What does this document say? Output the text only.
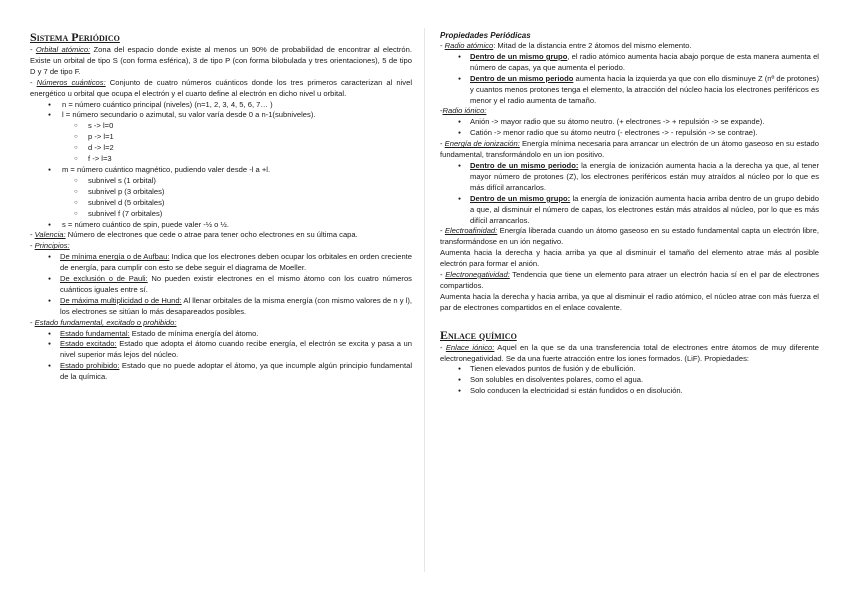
Sistema Periódico

- Orbital atómico: Zona del espacio donde existe al menos un 90% de probabilidad de encontrar al electrón. Existe un orbital de tipo S (con forma esférica), 3 de tipo P (con forma bilobulada y tres orientaciones), 5 de tipo D y 7 de tipo F.

- Números cuánticos: Conjunto de cuatro números cuánticos donde los tres primeros caracterizan al nivel energético u orbital que ocupa el electrón y el cuarto define al electrón en dicho nivel u orbital.

● n = número cuántico principal (niveles) (n=1, 2, 3, 4, 5, 6, 7… )
● l = número secundario o azimutal, su valor varía desde 0 a n-1(subniveles).
○ s -> l=0
○ p -> l=1
○ d -> l=2
○ f -> l=3
● m = número cuántico magnético, pudiendo valer desde -l a +l.
○ subnivel s (1 orbital)
○ subnivel p (3 orbitales)
○ subnivel d (5 orbitales)
○ subnivel f (7 orbitales)
● s = número cuántico de spin, puede valer -½ o ½.

- Valencia: Número de electrones que cede o atrae para tener ocho electrones en su última capa.

- Principios:

● De mínima energía o de Aufbau: Indica que los electrones deben ocupar los orbitales en orden creciente de energía, para cumplir con esto se debe seguir el diagrama de Moeller.
● De exclusión o de Pauli: No pueden existir electrones en el mismo átomo con los cuatro números cuánticos iguales entre sí.
● De máxima multiplicidad o de Hund: Al llenar orbitales de la misma energía (con mismo valores de n y l), los electrones se sitúan lo más desapareados posibles.

- Estado fundamental, excitado o prohibido:

● Estado fundamental: Estado de mínima energía del átomo.
● Estado excitado: Estado que adopta el átomo cuando recibe energía, el electrón se excita y pasa a un nivel superior más lejos del núcleo.
● Estado prohibido: Estado que no puede adoptar el átomo, ya que incumple algún principio fundamental de la química.
Propiedades Periódicas

- Radio atómico: Mitad de la distancia entre 2 átomos del mismo elemento.

● Dentro de un mismo grupo, el radio atómico aumenta hacia abajo porque de esta manera aumenta el número de capas, ya que aumenta el periodo.
● Dentro de un mismo periodo aumenta hacia la izquierda ya que con ello disminuye Z (nº de protones) y cuantos menos protones tenga el elemento, la atracción del núcleo hacia los electrones periféricos es menor y el radio aumenta de tamaño.

-Radio iónico:

● Anión -> mayor radio que su átomo neutro. (+ electrones -> + repulsión -> se expande).
● Catión -> menor radio que su átomo neutro (- electrones -> - repulsión -> se contrae).

- Energía de ionización: Energía mínima necesaria para arrancar un electrón de un átomo gaseoso en su estado fundamental, transformándolo en un ion positivo.

● Dentro de un mismo periodo: la energía de ionización aumenta hacia a la derecha ya que, al tener mayor número de protones (Z), los electrones periféricos están muy atraídos al núcleo por lo que es más difícil arrancarlos.
● Dentro de un mismo grupo: la energía de ionización aumenta hacia arriba dentro de un grupo debido a que, al disminuir el número de capas, los electrones están más atraídos al núcleo, por lo que es más difícil arrancarlos.

- Electroafinidad: Energía liberada cuando un átomo gaseoso en su estado fundamental capta un electrón libre, transformándose en un ión negativo.

Aumenta hacia la derecha y hacia arriba ya que al disminuir el tamaño del elemento atrae más al posible electrón para formar el anión.

- Electronegatividad: Tendencia que tiene un elemento para atraer un electrón hacia sí en el par de electrones compartidos.

Aumenta hacia la derecha y hacia arriba, ya que al disminuir el radio atómico, el núcleo atrae con más fuerza el par de electrones compartidos en el enlace covalente.

Enlace químico

- Enlace iónico: Aquel en la que se da una transferencia total de electrones entre átomos de muy diferente electronegatividad. Se da una fuerte atracción entre los iones formados. (LiF). Propiedades:

● Tienen elevados puntos de fusión y de ebullición.
● Son solubles en disolventes polares, como el agua.
● Solo conducen la electricidad si están fundidos o en disolución.
